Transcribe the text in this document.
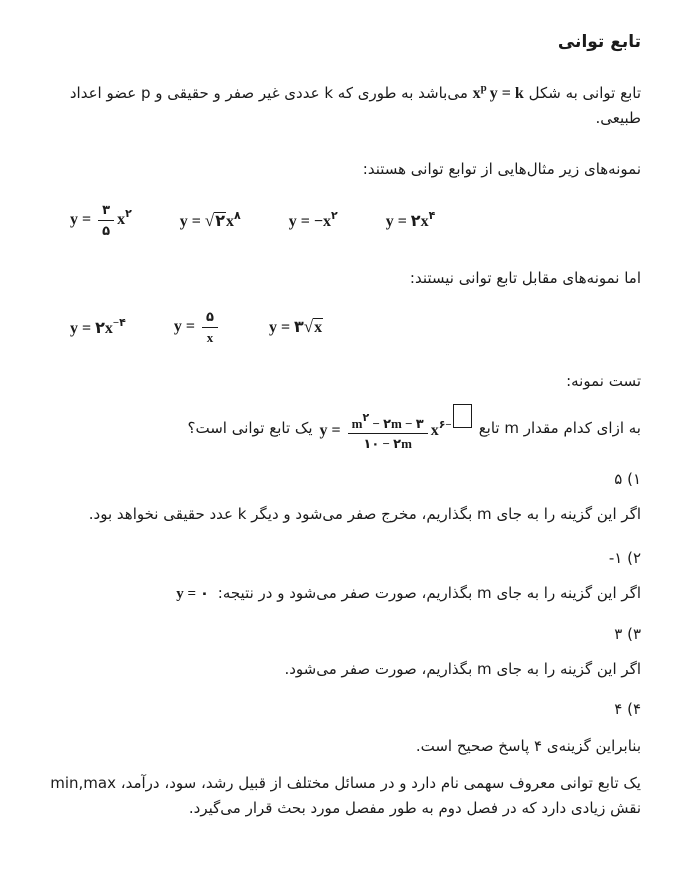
تابع توانی

تابع توانی به شکل $x^p$ y = k می‌باشد به طوری که k عددی غیر صفر و حقیقی و p عضو اعداد طبیعی.

نمونه‌های زیر مثال‌هایی از توابع توانی هستند:

$y = \frac{۳}{۵} x^۲$	$y = √۲x^۸$	$y = -x^۲$	$y = ۲x^۴$

اما نمونه‌های مقابل تابع توانی نیستند:

$y = ۲x^{-۴}$	$y = \frac{۵}{x}$	y = ۳√x

تست نمونه:

به ازای کدام مقدار m تابع
$y = \frac{m^۲ - ۲m - ۳}{۱۰ - ۲m} x^{۶-}$
یک تابع توانی است؟

۱) ۵

اگر این گزینه را به جای m بگذاریم، مخرج صفر می‌شود و دیگر k عدد حقیقی نخواهد بود.

۲) ۱-

اگر این گزینه را به جای m بگذاریم، صورت صفر می‌شود و در نتیجه: y = ۰

۳) ۳

اگر این گزینه را به جای m بگذاریم، صورت صفر می‌شود.

۴) ۴

بنابراین گزینه‌ی ۴ پاسخ صحیح است.

یک تابع توانی معروف سهمی نام دارد و در مسائل مختلف از قبیل رشد، سود، درآمد، min,max نقش زیادی دارد که در فصل دوم به طور مفصل مورد بحث قرار می‌گیرد.
